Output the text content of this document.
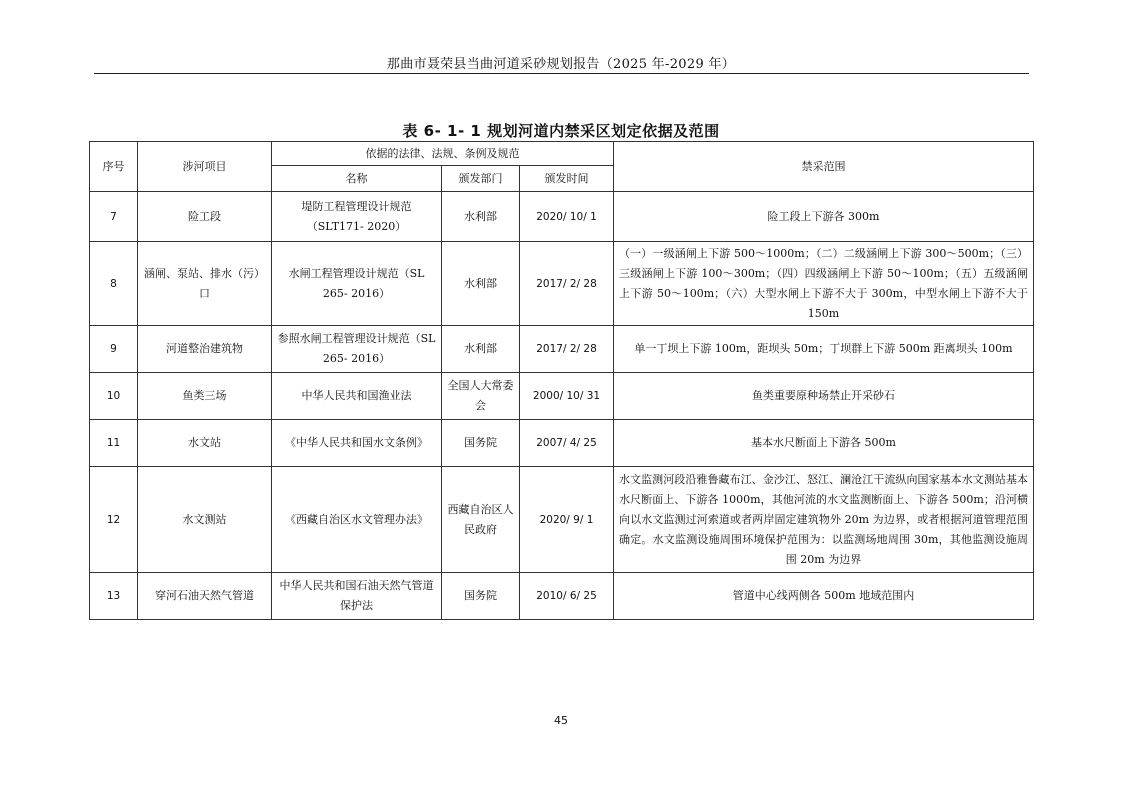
那曲市聂荣县当曲河道采砂规划报告（2025 年-2029 年）
表 6- 1- 1 规划河道内禁采区划定依据及范围
序号	涉河项目	依据的法律、法规、条例及规范			禁采范围
		名称	颁发部门	颁发时间	
7	险工段	堤防工程管理设计规范（SLT171- 2020）	水利部	2020/ 10/ 1	险工段上下游各 300m
8	涵闸、泵站、排水（污）口	水闸工程管理设计规范（SL 265- 2016）	水利部	2017/ 2/ 28	（一）一级涵闸上下游 500～1000m；（二）二级涵闸上下游 300～500m；（三）三级涵闸上下游 100～300m；（四）四级涵闸上下游 50～100m；（五）五级涵闸上下游 50～100m；（六）大型水闸上下游不大于 300m，中型水闸上下游不大于 150m
9	河道整治建筑物	参照水闸工程管理设计规范（SL 265- 2016）	水利部	2017/ 2/ 28	单一丁坝上下游 100m，距坝头 50m；丁坝群上下游 500m 距离坝头 100m
10	鱼类三场	中华人民共和国渔业法	全国人大常委会	2000/ 10/ 31	鱼类重要原种场禁止开采砂石
11	水文站	《中华人民共和国水文条例》	国务院	2007/ 4/ 25	基本水尺断面上下游各 500m
12	水文测站	《西藏自治区水文管理办法》	西藏自治区人民政府	2020/ 9/ 1	水文监测河段沿雅鲁藏布江、金沙江、怒江、澜沧江干流纵向国家基本水文测站基本水尺断面上、下游各 1000m，其他河流的水文监测断面上、下游各 500m；沿河横向以水文监测过河索道或者两岸固定建筑物外 20m 为边界，或者根据河道管理范围确定。水文监测设施周围环境保护范围为：以监测场地周围 30m，其他监测设施周围 20m 为边界
13	穿河石油天然气管道	中华人民共和国石油天然气管道保护法	国务院	2010/ 6/ 25	管道中心线两侧各 500m 地域范围内
45
